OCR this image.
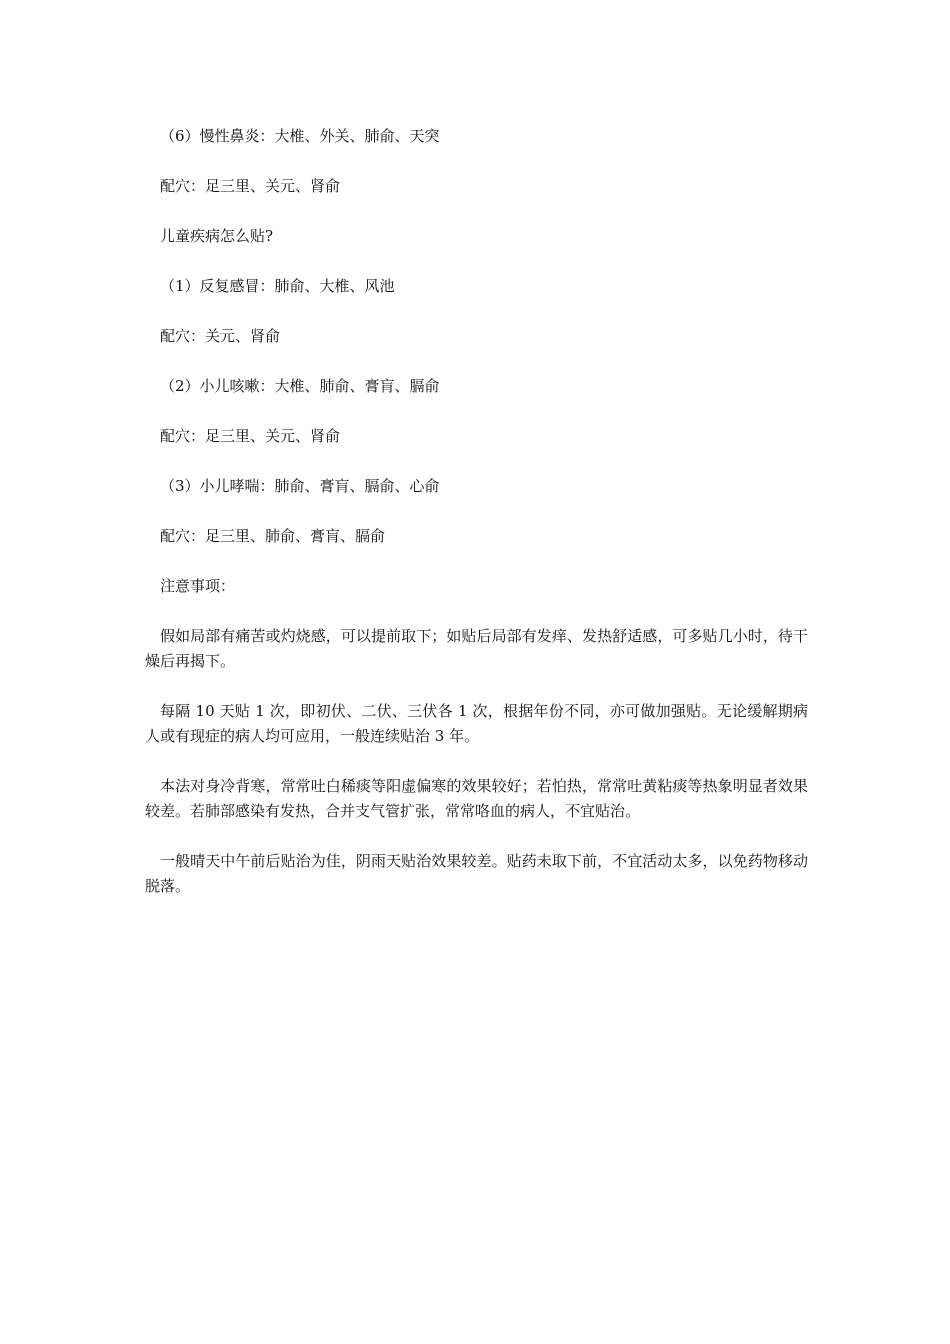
（6）慢性鼻炎：大椎、外关、肺俞、天突

配穴：足三里、关元、肾俞

儿童疾病怎么贴?

（1）反复感冒：肺俞、大椎、风池

配穴：关元、肾俞

（2）小儿咳嗽：大椎、肺俞、膏肓、膈俞

配穴：足三里、关元、肾俞

（3）小儿哮喘：肺俞、膏肓、膈俞、心俞

配穴：足三里、肺俞、膏肓、膈俞

注意事项：

假如局部有痛苦或灼烧感，可以提前取下；如贴后局部有发痒、发热舒适感，可多贴几小时，待干燥后再揭下。

每隔 10 天贴 1 次，即初伏、二伏、三伏各 1 次，根据年份不同，亦可做加强贴。无论缓解期病人或有现症的病人均可应用，一般连续贴治 3 年。

本法对身冷背寒，常常吐白稀痰等阳虚偏寒的效果较好；若怕热，常常吐黄粘痰等热象明显者效果较差。若肺部感染有发热，合并支气管扩张，常常咯血的病人，不宜贴治。

一般晴天中午前后贴治为佳，阴雨天贴治效果较差。贴药未取下前，不宜活动太多，以免药物移动脱落。
